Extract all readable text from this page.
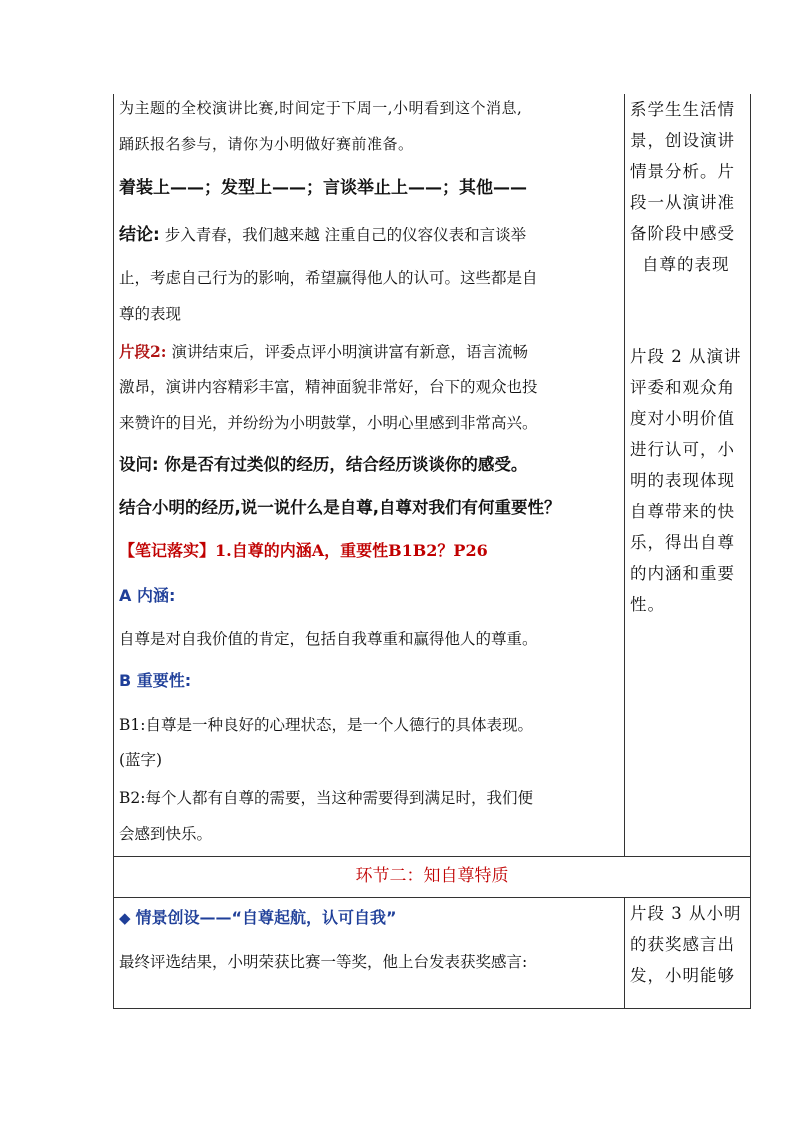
为主题的全校演讲比赛,时间定于下周一,小明看到这个消息,
踊跃报名参与，请你为小明做好赛前准备。
着装上——；发型上——；言谈举止上——；其他——
结论: 步入青春，我们越来越 注重自己的仪容仪表和言谈举
止，考虑自己行为的影响，希望赢得他人的认可。这些都是自
尊的表现
片段2: 演讲结束后，评委点评小明演讲富有新意，语言流畅
激昂，演讲内容精彩丰富，精神面貌非常好，台下的观众也投
来赞许的目光，并纷纷为小明鼓掌，小明心里感到非常高兴。
设问: 你是否有过类似的经历，结合经历谈谈你的感受。
结合小明的经历,说一说什么是自尊,自尊对我们有何重要性？
【笔记落实】1.自尊的内涵A，重要性B1B2？P26
A 内涵:
自尊是对自我价值的肯定，包括自我尊重和赢得他人的尊重。
B 重要性:
B1:自尊是一种良好的心理状态，是一个人德行的具体表现。
(蓝字)
B2:每个人都有自尊的需要，当这种需要得到满足时，我们便
会感到快乐。
系学生生活情
景，创设演讲
情景分析。片
段一从演讲准
备阶段中感受
自尊的表现
片段 2 从演讲
评委和观众角
度对小明价值
进行认可，小
明的表现体现
自尊带来的快
乐，得出自尊
的内涵和重要
性。
环节二：知自尊特质
◆ 情景创设——“自尊起航，认可自我”
最终评选结果，小明荣获比赛一等奖，他上台发表获奖感言:
片段 3 从小明
的获奖感言出
发，小明能够
